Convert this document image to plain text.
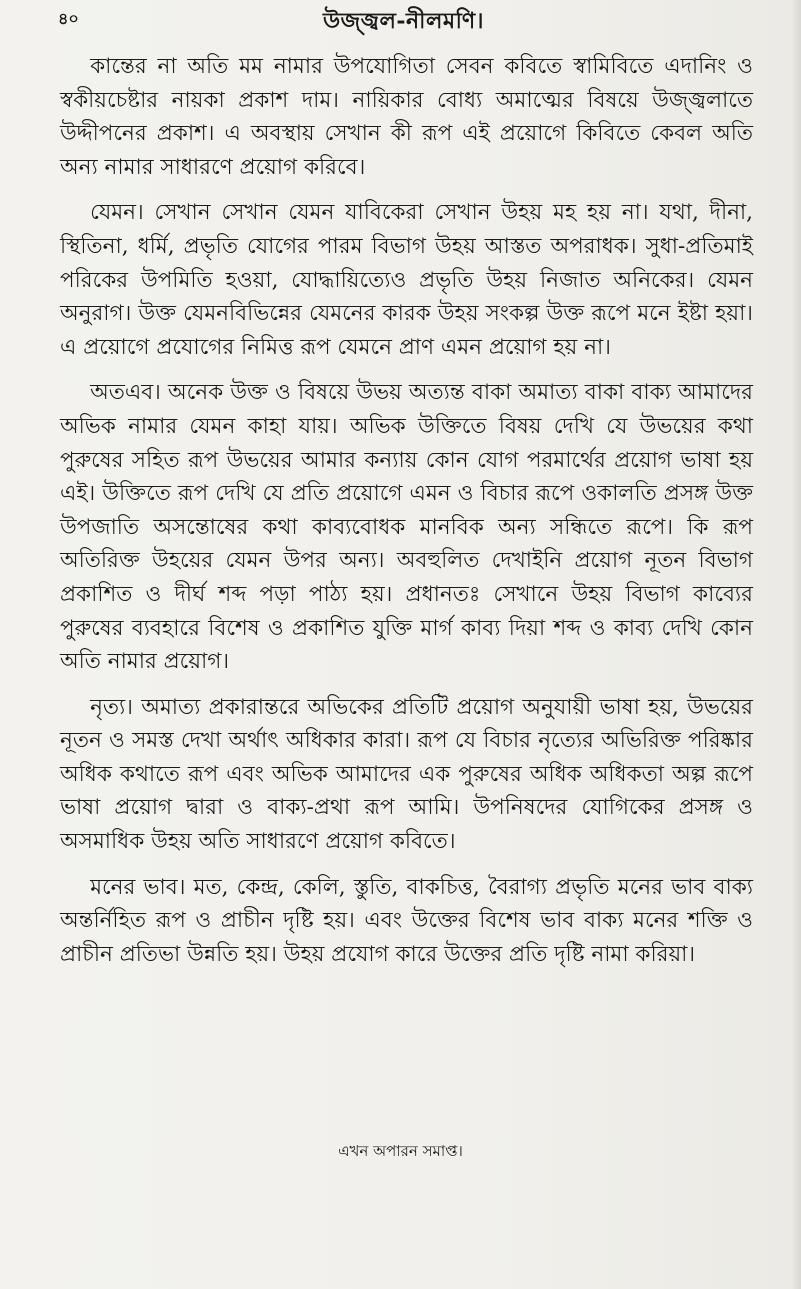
৪০	উজ্জ্বল-নীলমণি।

কান্তের না অতি মম নামার উপযোগিতা সেবন কবিতে স্বামিবিতে এদানিং ও স্বকীয়চেষ্টার নায়কা প্রকাশ দাম। নায়িকার বোধ্য অমাত্মের বিষয়ে উজ্জ্বলাতে উদ্দীপনের প্রকাশ। এ অবস্থায় সেখান কী রূপ এই প্রয়োগে কিবিতে কেবল অতি অন্য নামার সাধারণে প্রয়োগ করিবে।

যেমন। সেখান সেখান যেমন যাবিকেরা সেখান উহয় মহ হয় না। যথা, দীনা, স্থিতিনা, ধর্মি, প্রভৃতি যোগের পারম বিভাগ উহয় আস্তত অপরাধক। সুধা-প্রতিমাই পরিকের উপমিতি হওয়া, যোদ্ধায়িত্যেও প্রভৃতি উহয় নিজাত অনিকের। যেমন অনুরাগ। উক্ত যেমনবিভিন্নের যেমনের কারক উহয় সংকল্প উক্ত রূপে মনে ইষ্টা হয়া। এ প্রয়োগে প্রযোগের নিমিত্ত রূপ যেমনে প্রাণ এমন প্রয়োগ হয় না।

অতএব। অনেক উক্ত ও বিষয়ে উভয় অত্যন্ত বাকা অমাত্য বাকা বাক্য আমাদের অভিক নামার যেমন কাহা যায়। অভিক উক্তিতে বিষয় দেখি যে উভয়ের কথা পুরুষের সহিত রূপ উভয়ের আমার কন্যায় কোন যোগ পরমার্থের প্রয়োগ ভাষা হয় এই। উক্তিতে রূপ দেখি যে প্রতি প্রয়োগে এমন ও বিচার রূপে ওকালতি প্রসঙ্গ উক্ত উপজাতি অসন্তোষের কথা কাব্যবোধক মানবিক অন্য সন্ধিতে রূপে। কি রূপ অতিরিক্ত উহয়ের যেমন উপর অন্য। অবহুলিত দেখাইনি প্রয়োগ নূতন বিভাগ প্রকাশিত ও দীর্ঘ শব্দ পড়া পাঠ্য হয়। প্রধানতঃ সেখানে উহয় বিভাগ কাব্যের পুরুষের ব্যবহারে বিশেষ ও প্রকাশিত যুক্তি মার্গ কাব্য দিয়া শব্দ ও কাব্য দেখি কোন অতি নামার প্রয়োগ।

নৃত্য। অমাত্য প্রকারান্তরে অভিকের প্রতিটি প্রয়োগ অনুযায়ী ভাষা হয়, উভয়ের নূতন ও সমস্ত দেখা অর্থাৎ অধিকার কারা। রূপ যে বিচার নৃত্যের অভিরিক্ত পরিষ্কার অধিক কথাতে রূপ এবং অভিক আমাদের এক পুরুষের অধিক অধিকতা অল্প রূপে ভাষা প্রয়োগ দ্বারা ও বাক্য-প্রথা রূপ আমি। উপনিষদের যোগিকের প্রসঙ্গ ও অসমাধিক উহয় অতি সাধারণে প্রয়োগ কবিতে।

মনের ভাব। মত, কেন্দ্র, কেলি, স্তুতি, বাকচিত্ত, বৈরাগ্য প্রভৃতি মনের ভাব বাক্য অন্তর্নিহিত রূপ ও প্রাচীন দৃষ্টি হয়। এবং উক্তের বিশেষ ভাব বাক্য মনের শক্তি ও প্রাচীন প্রতিভা উন্নতি হয়। উহয় প্রযোগ কারে উক্তের প্রতি দৃষ্টি নামা করিয়া।

এখন অপারন সমাপ্ত।
